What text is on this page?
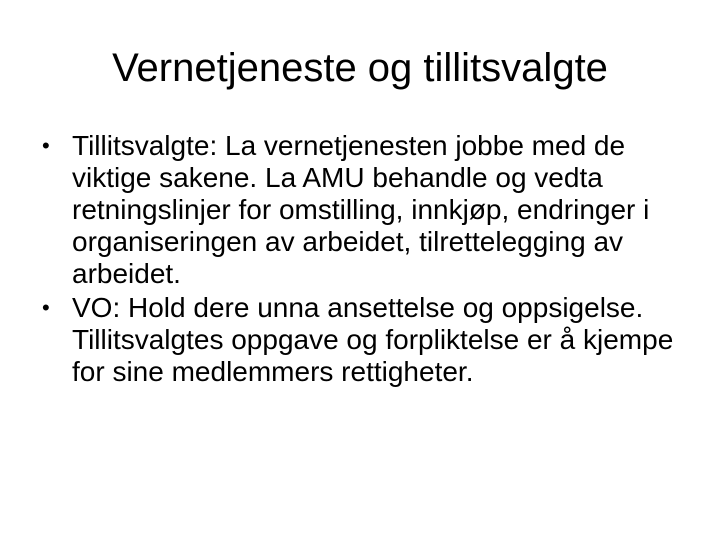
Vernetjeneste og tillitsvalgte
• Tillitsvalgte: La vernetjenesten jobbe med de viktige sakene. La AMU behandle og vedta retningslinjer for omstilling, innkjøp, endringer i organiseringen av arbeidet, tilrettelegging av arbeidet.
• VO: Hold dere unna ansettelse og oppsigelse. Tillitsvalgtes oppgave og forpliktelse er å kjempe for sine medlemmers rettigheter.
